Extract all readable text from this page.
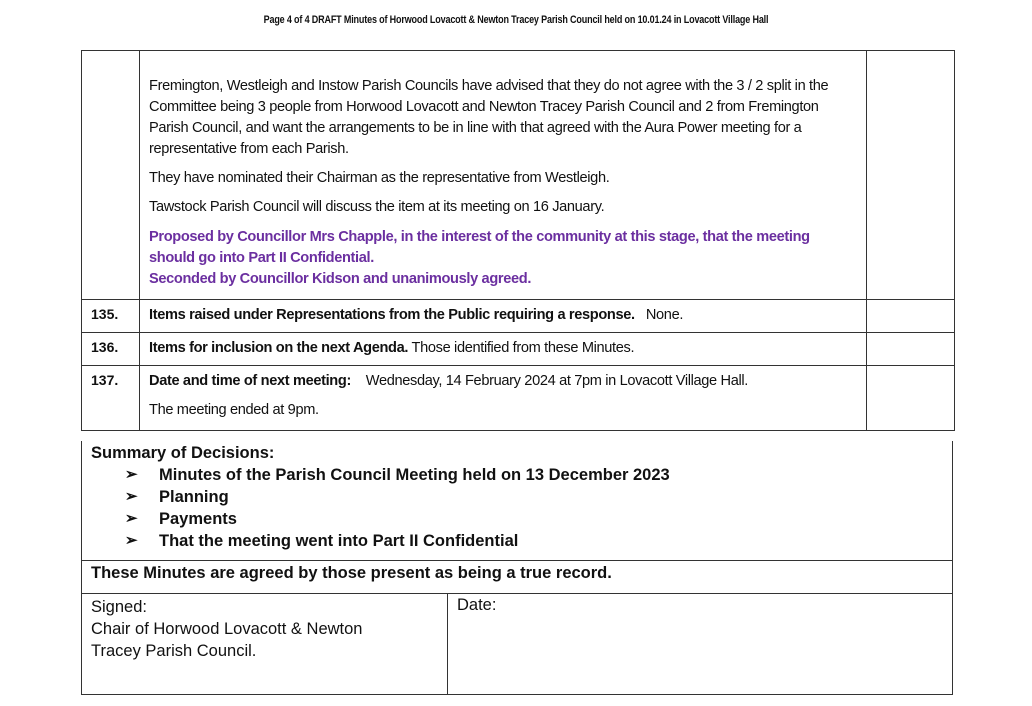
Page 4 of 4 DRAFT Minutes of Horwood Lovacott & Newton Tracey Parish Council held on 10.01.24 in Lovacott Village Hall

Fremington, Westleigh and Instow Parish Councils have advised that they do not agree with the 3 / 2 split in the Committee being 3 people from Horwood Lovacott and Newton Tracey Parish Council and 2 from Fremington Parish Council, and want the arrangements to be in line with that agreed with the Aura Power meeting for a representative from each Parish.

They have nominated their Chairman as the representative from Westleigh.

Tawstock Parish Council will discuss the item at its meeting on 16 January.

Proposed by Councillor Mrs Chapple, in the interest of the community at this stage, that the meeting should go into Part II Confidential.

Seconded by Councillor Kidson and unanimously agreed.

135.	Items raised under Representations from the Public requiring a response. None.
136.	Items for inclusion on the next Agenda. Those identified from these Minutes.
137.	Date and time of next meeting: Wednesday, 14 February 2024 at 7pm in Lovacott Village Hall.

The meeting ended at 9pm.

Summary of Decisions:
➢	Minutes of the Parish Council Meeting held on 13 December 2023
➢	Planning
➢	Payments
➢	That the meeting went into Part II Confidential
These Minutes are agreed by those present as being a true record.
Signed:
Chair of Horwood Lovacott & Newton
Tracey Parish Council.
Date:
